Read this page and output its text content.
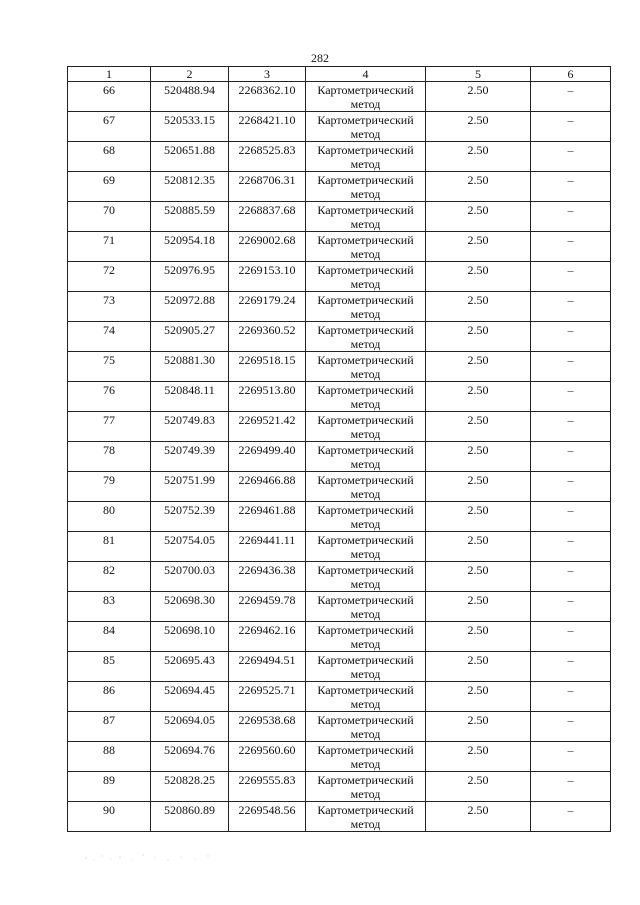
282
1	2	3	4	5	6

66	520488.94	2268362.10	Картометрический метод	2.50	–

67	520533.15	2268421.10	Картометрический метод	2.50	–

68	520651.88	2268525.83	Картометрический метод	2.50	–

69	520812.35	2268706.31	Картометрический метод	2.50	–

70	520885.59	2268837.68	Картометрический метод	2.50	–

71	520954.18	2269002.68	Картометрический метод	2.50	–

72	520976.95	2269153.10	Картометрический метод	2.50	–

73	520972.88	2269179.24	Картометрический метод	2.50	–

74	520905.27	2269360.52	Картометрический метод	2.50	–

75	520881.30	2269518.15	Картометрический метод	2.50	–

76	520848.11	2269513.80	Картометрический метод	2.50	–

77	520749.83	2269521.42	Картометрический метод	2.50	–

78	520749.39	2269499.40	Картометрический метод	2.50	–

79	520751.99	2269466.88	Картометрический метод	2.50	–

80	520752.39	2269461.88	Картометрический метод	2.50	–

81	520754.05	2269441.11	Картометрический метод	2.50	–

82	520700.03	2269436.38	Картометрический метод	2.50	–

83	520698.30	2269459.78	Картометрический метод	2.50	–

84	520698.10	2269462.16	Картометрический метод	2.50	–

85	520695.43	2269494.51	Картометрический метод	2.50	–

86	520694.45	2269525.71	Картометрический метод	2.50	–

87	520694.05	2269538.68	Картометрический метод	2.50	–

88	520694.76	2269560.60	Картометрический метод	2.50	–

89	520828.25	2269555.83	Картометрический метод	2.50	–

90	520860.89	2269548.56	Картометрический метод	2.50	–
